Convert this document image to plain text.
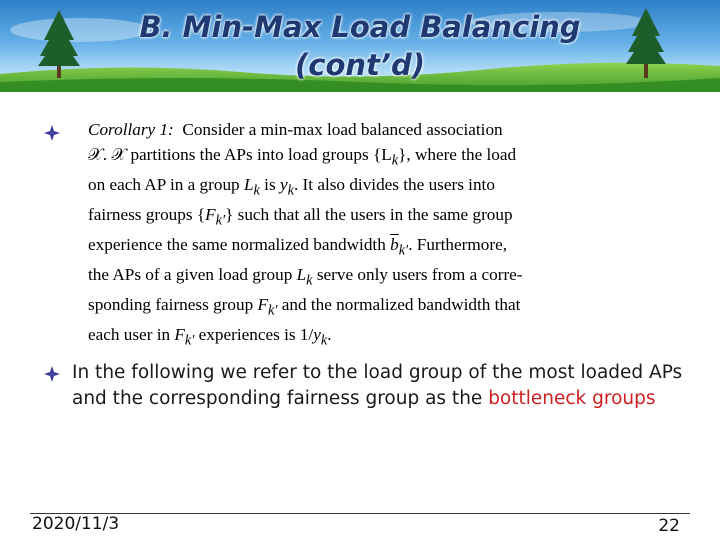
B. Min-Max Load Balancing
(cont’d)
Corollary 1: Consider a min-max load balanced association
𝒳. 𝒳 partitions the APs into load groups $\{L_k\}$, where the load
on each AP in a group $L_k$ is $y_k$. It also divides the users into
fairness groups $\{F_{k'}\}$ such that all the users in the same group
experience the same normalized bandwidth $\overline{b}_{k'}$. Furthermore,
the APs of a given load group $L_k$ serve only users from a corre-
sponding fairness group $F_{k'}$ and the normalized bandwidth that
each user in $F_{k'}$ experiences is $1/y_k$.
In the following we refer to the load group of the most loaded APs and the corresponding fairness group as the bottleneck groups
2020/11/3	22
